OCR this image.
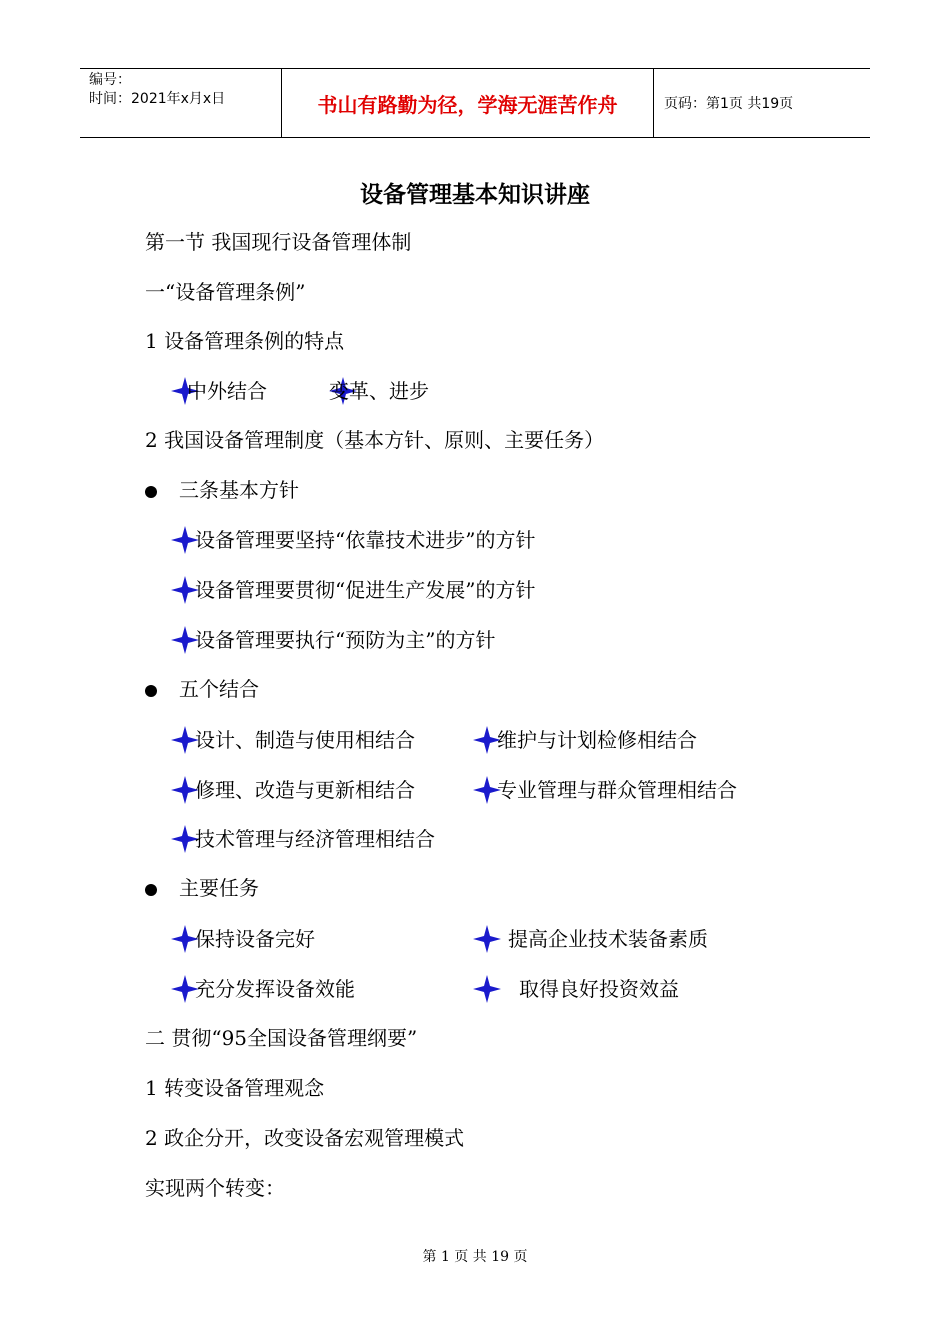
编号：
时间：2021年x月x日	书山有路勤为径，学海无涯苦作舟	页码：第1页 共19页
设备管理基本知识讲座
第一节 我国现行设备管理体制
一“设备管理条例”
1 设备管理条例的特点
中外结合	变革、进步
2 我国设备管理制度（基本方针、原则、主要任务）
三条基本方针
设备管理要坚持“依靠技术进步”的方针
设备管理要贯彻“促进生产发展”的方针
设备管理要执行“预防为主”的方针
五个结合
设计、制造与使用相结合	维护与计划检修相结合
修理、改造与更新相结合	专业管理与群众管理相结合
技术管理与经济管理相结合
主要任务
保持设备完好	提高企业技术装备素质
充分发挥设备效能	取得良好投资效益
二 贯彻“95全国设备管理纲要”
1 转变设备管理观念
2 政企分开，改变设备宏观管理模式
实现两个转变：
第 1 页 共 19 页
